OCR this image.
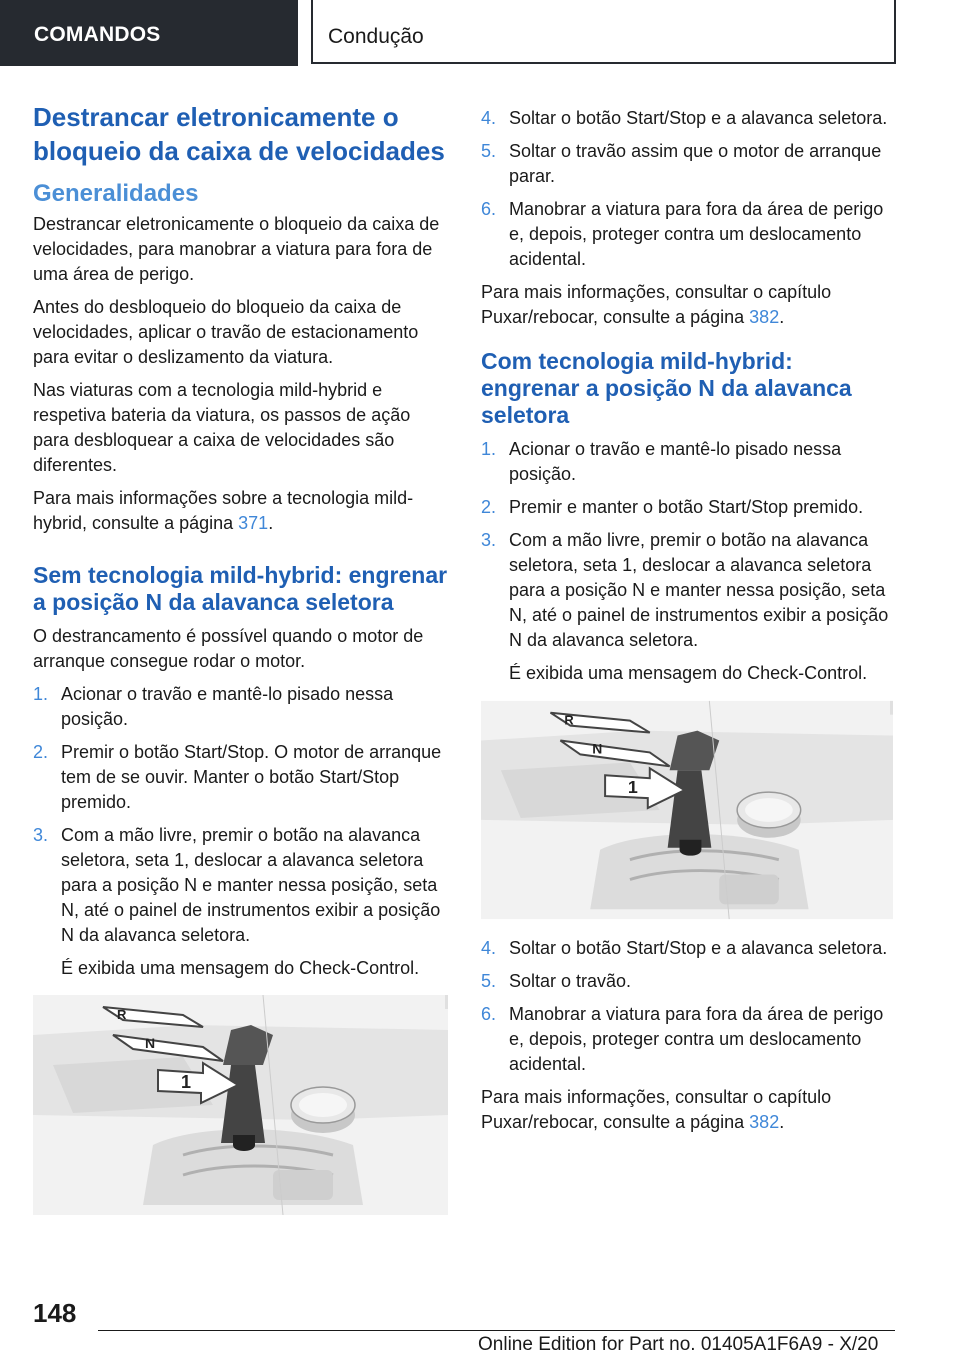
COMANDOS	Condução
Destrancar eletronicamente o bloqueio da caixa de velocidades
Generalidades

Destrancar eletronicamente o bloqueio da caixa de velocidades, para manobrar a viatura para fora de uma área de perigo.

Antes do desbloqueio do bloqueio da caixa de velocidades, aplicar o travão de estacionamento para evitar o deslizamento da viatura.

Nas viaturas com a tecnologia mild-hybrid e respetiva bateria da viatura, os passos de ação para desbloquear a caixa de velocidades são diferentes.

Para mais informações sobre a tecnologia mild-hybrid, consulte a página 371.

Sem tecnologia mild-hybrid: engrenar a posição N da alavanca seletora

O destrancamento é possível quando o motor de arranque consegue rodar o motor.

1. Acionar o travão e mantê-lo pisado nessa posição.
2. Premir o botão Start/Stop. O motor de arranque tem de se ouvir. Manter o botão Start/Stop premido.
3. Com a mão livre, premir o botão na alavanca seletora, seta 1, deslocar a alavanca seletora para a posição N e manter nessa posição, seta N, até o painel de instrumentos exibir a posição N da alavanca seletora.
É exibida uma mensagem do Check-Control.
R
N
1
4. Soltar o botão Start/Stop e a alavanca seletora.
5. Soltar o travão assim que o motor de arranque parar.
6. Manobrar a viatura para fora da área de perigo e, depois, proteger contra um deslocamento acidental.

Para mais informações, consultar o capítulo Puxar/rebocar, consulte a página 382.

Com tecnologia mild-hybrid: engrenar a posição N da alavanca seletora
1. Acionar o travão e mantê-lo pisado nessa posição.
2. Premir e manter o botão Start/Stop premido.
3. Com a mão livre, premir o botão na alavanca seletora, seta 1, deslocar a alavanca seletora para a posição N e manter nessa posição, seta N, até o painel de instrumentos exibir a posição N da alavanca seletora.
É exibida uma mensagem do Check-Control.
R
N
1
4. Soltar o botão Start/Stop e a alavanca seletora.
5. Soltar o travão.
6. Manobrar a viatura para fora da área de perigo e, depois, proteger contra um deslocamento acidental.

Para mais informações, consultar o capítulo Puxar/rebocar, consulte a página 382.

148
Online Edition for Part no. 01405A1F6A9 - X/20
